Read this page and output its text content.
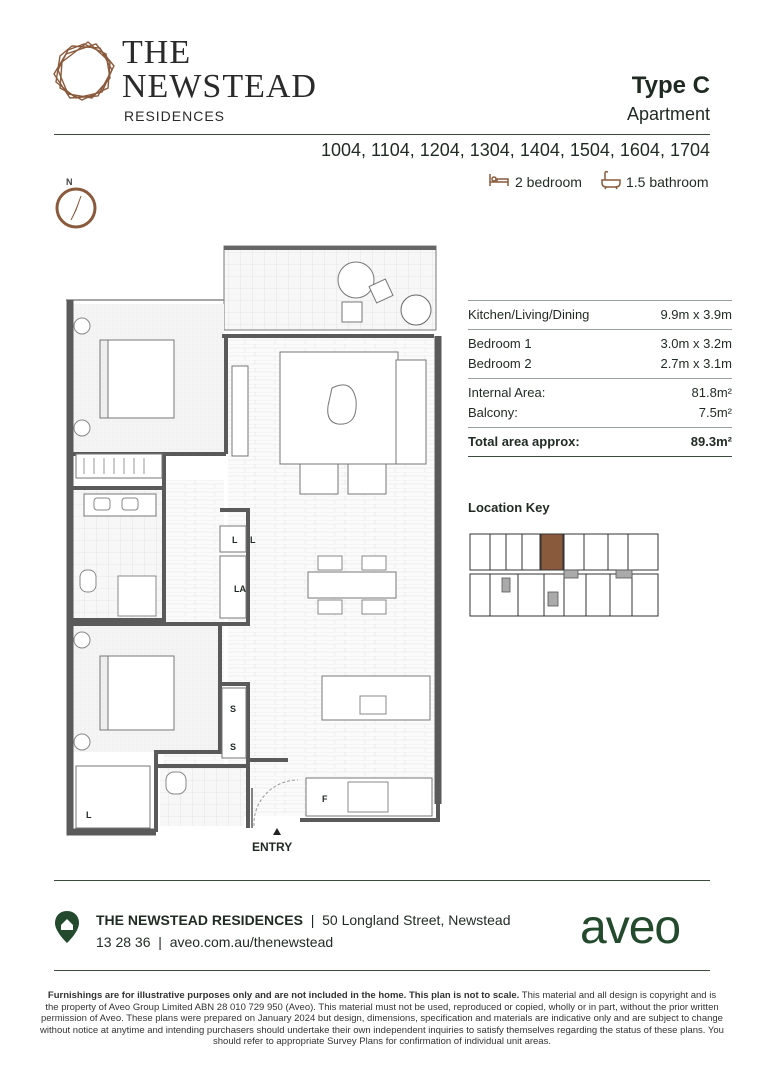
THE
NEWSTEAD
RESIDENCES
Type C
Apartment
1004, 1104, 1204, 1304, 1404, 1504, 1604, 1704
2 bedroom	1.5 bathroom
N
L L
LA
S
S
F
L
ENTRY
Kitchen/Living/Dining	9.9m x 3.9m
Bedroom 1	3.0m x 3.2m
Bedroom 2	2.7m x 3.1m
Internal Area:	81.8m²
Balcony:	7.5m²
Total area approx:	89.3m²
Location Key
THE NEWSTEAD RESIDENCES  |  50 Longland Street, Newstead
13 28 36  |  aveo.com.au/thenewstead	aveo
Furnishings are for illustrative purposes only and are not included in the home. This plan is not to scale. This material and all design is copyright and is the property of Aveo Group Limited ABN 28 010 729 950 (Aveo). This material must not be used, reproduced or copied, wholly or in part, without the prior written permission of Aveo. These plans were prepared on January 2024 but design, dimensions, specification and materials are indicative only and are subject to change without notice at anytime and intending purchasers should undertake their own independent inquiries to satisfy themselves regarding the status of these plans. You should refer to appropriate Survey Plans for confirmation of individual unit areas.
